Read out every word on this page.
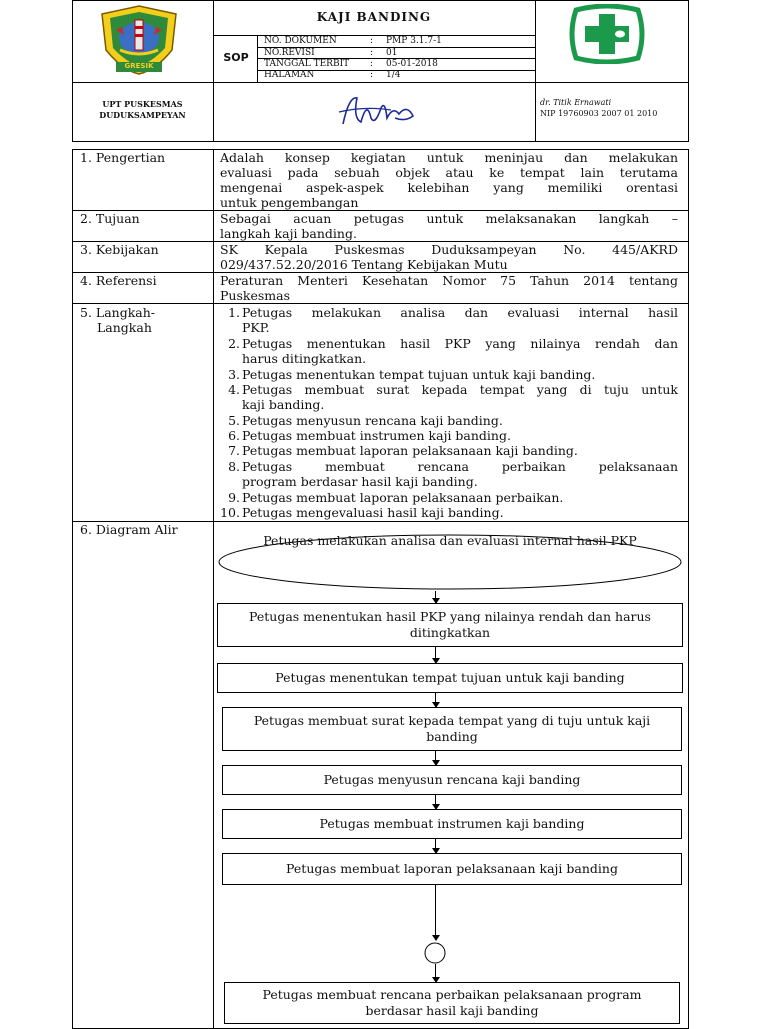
GRESIK
KAJI BANDING
SOP
NO. DOKUMEN	: PMP 3.1.7-1
NO.REVISI	: 01
TANGGAL TERBIT	: 05-01-2018
HALAMAN	: 1/4
UPT PUSKESMAS
DUDUKSAMPEYAN
dr. Titik Ernawati
NIP 19760903 2007 01 2010
1. Pengertian	Adalah konsep kegiatan untuk meninjau dan melakukan
evaluasi pada sebuah objek atau ke tempat lain terutama
mengenai aspek-aspek kelebihan yang memiliki orentasi
untuk pengembangan
2. Tujuan	Sebagai acuan petugas untuk melaksanakan langkah –
langkah kaji banding.
3. Kebijakan	SK Kepala Puskesmas Duduksampeyan No. 445/AKRD
029/437.52.20/2016 Tentang Kebijakan Mutu
4. Referensi	Peraturan Menteri Kesehatan Nomor 75 Tahun 2014 tentang
Puskesmas
5. Langkah-
Langkah
1. Petugas melakukan analisa dan evaluasi internal hasil
PKP.
2. Petugas menentukan hasil PKP yang nilainya rendah dan
harus ditingkatkan.
3. Petugas menentukan tempat tujuan untuk kaji banding.
4. Petugas membuat surat kepada tempat yang di tuju untuk
kaji banding.
5. Petugas menyusun rencana kaji banding.
6. Petugas membuat instrumen kaji banding.
7. Petugas membuat laporan pelaksanaan kaji banding.
8. Petugas membuat rencana perbaikan pelaksanaan
program berdasar hasil kaji banding.
9. Petugas membuat laporan pelaksanaan perbaikan.
10. Petugas mengevaluasi hasil kaji banding.
6. Diagram Alir
Petugas melakukan analisa dan evaluasi internal hasil PKP
Petugas menentukan hasil PKP yang nilainya rendah dan harus ditingkatkan
Petugas menentukan tempat tujuan untuk kaji banding
Petugas membuat surat kepada tempat yang di tuju untuk kaji banding
Petugas menyusun rencana kaji banding
Petugas membuat instrumen kaji banding
Petugas membuat laporan pelaksanaan kaji banding
Petugas membuat rencana perbaikan pelaksanaan program berdasar hasil kaji banding
